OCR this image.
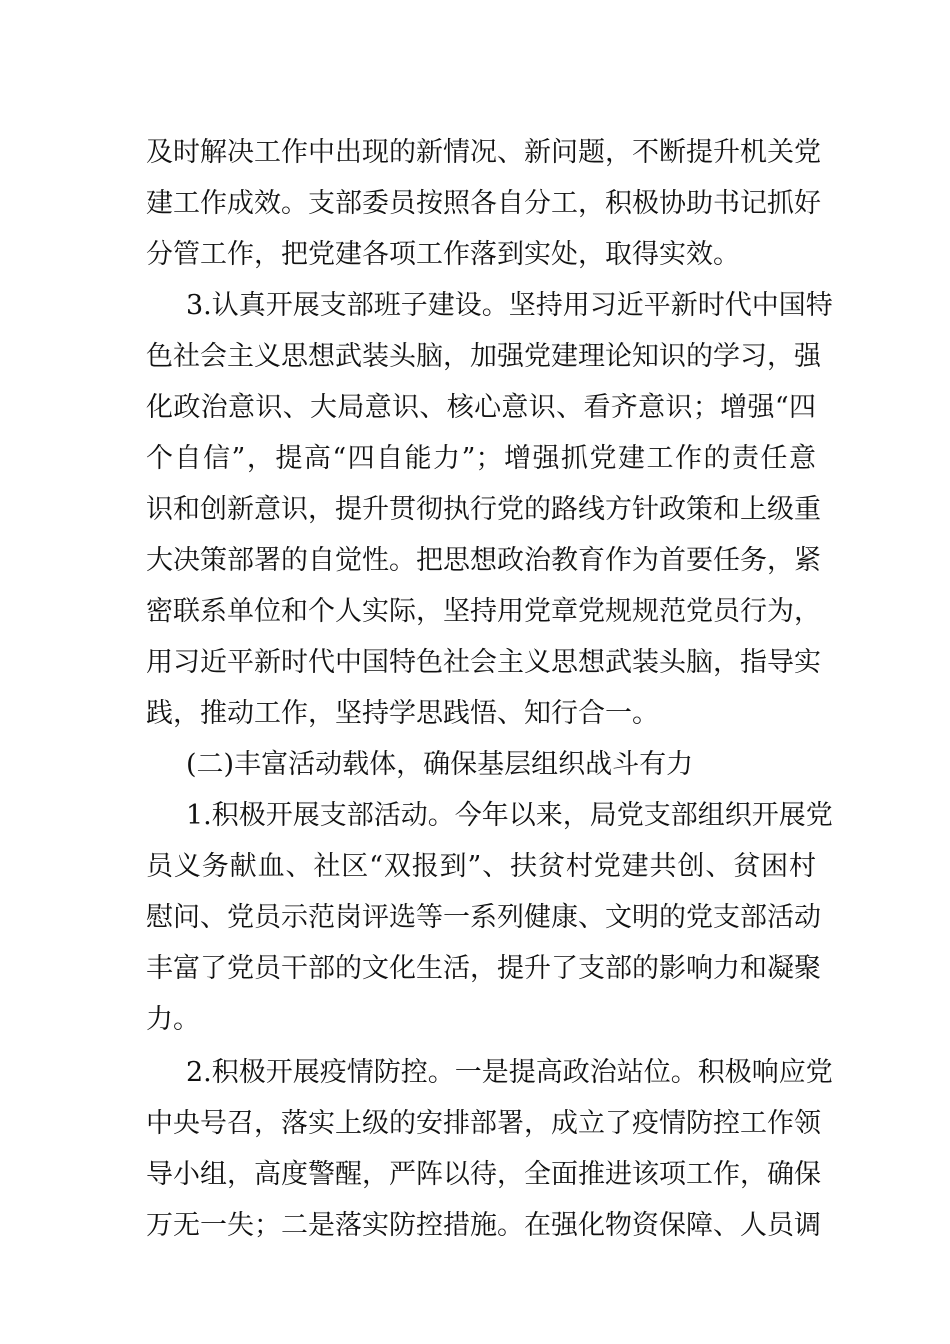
及时解决工作中出现的新情况、新问题，不断提升机关党
建工作成效。支部委员按照各自分工，积极协助书记抓好
分管工作，把党建各项工作落到实处，取得实效。
3.认真开展支部班子建设。坚持用习近平新时代中国特
色社会主义思想武装头脑，加强党建理论知识的学习，强
化政治意识、大局意识、核心意识、看齐意识；增强“四
个自信”，提高“四自能力”；增强抓党建工作的责任意
识和创新意识，提升贯彻执行党的路线方针政策和上级重
大决策部署的自觉性。把思想政治教育作为首要任务，紧
密联系单位和个人实际，坚持用党章党规规范党员行为，
用习近平新时代中国特色社会主义思想武装头脑，指导实
践，推动工作，坚持学思践悟、知行合一。
(二)丰富活动载体，确保基层组织战斗有力
1.积极开展支部活动。今年以来，局党支部组织开展党
员义务献血、社区“双报到”、扶贫村党建共创、贫困村
慰问、党员示范岗评选等一系列健康、文明的党支部活动
丰富了党员干部的文化生活，提升了支部的影响力和凝聚
力。
2.积极开展疫情防控。一是提高政治站位。积极响应党
中央号召，落实上级的安排部署，成立了疫情防控工作领
导小组，高度警醒，严阵以待，全面推进该项工作，确保
万无一失；二是落实防控措施。在强化物资保障、人员调
